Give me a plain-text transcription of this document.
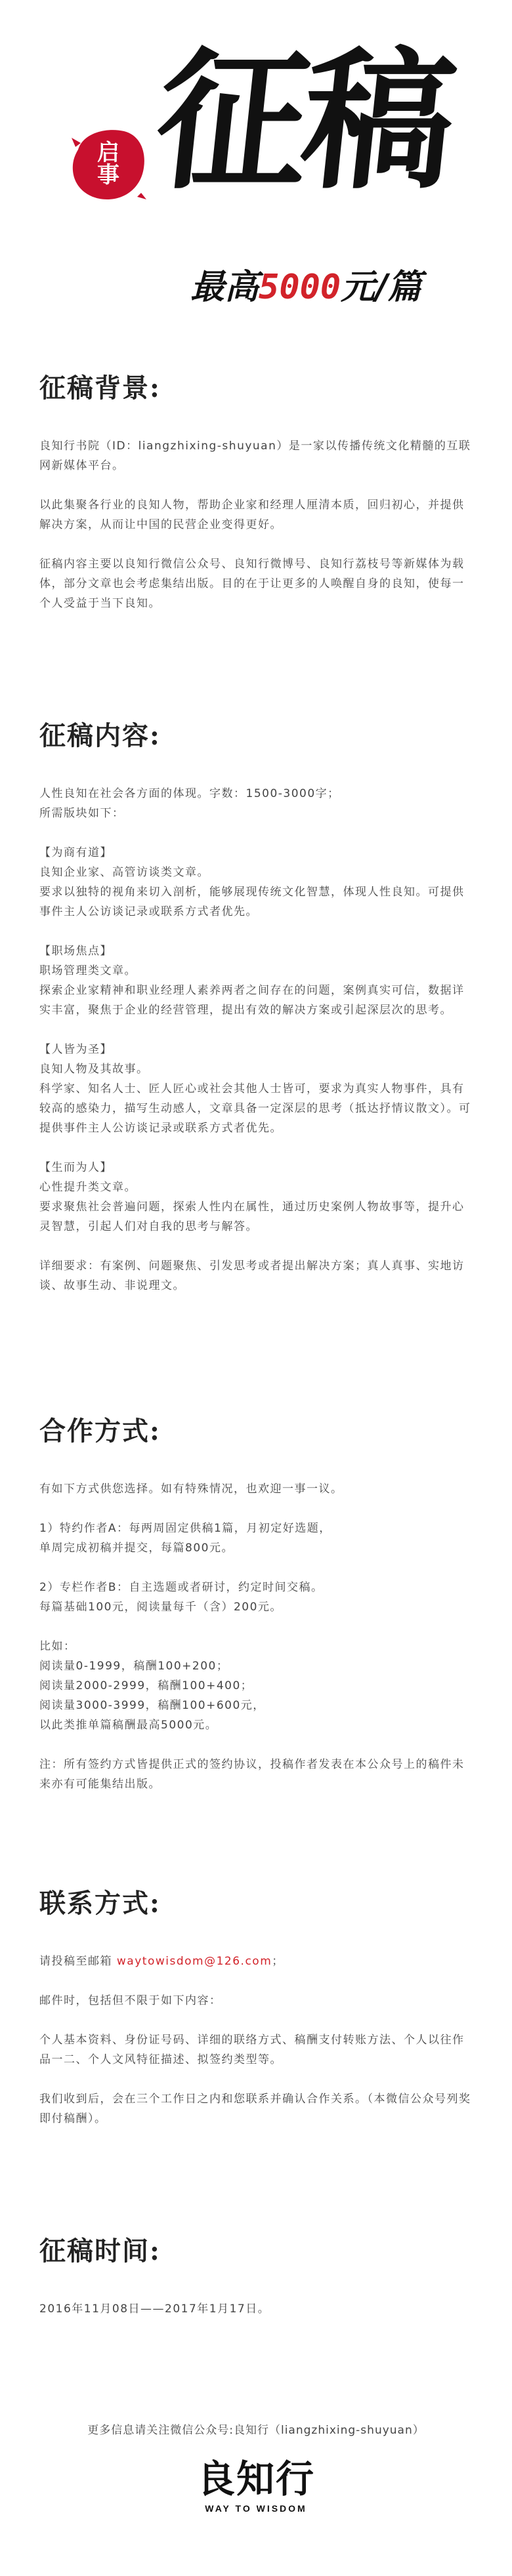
启
事 征稿
最高5000元/篇
征稿背景:

良知行书院（ID：liangzhixing-shuyuan）是一家以传播传统文化精髓的互联网新媒体平台。

以此集聚各行业的良知人物，帮助企业家和经理人厘清本质，回归初心，并提供解决方案，从而让中国的民营企业变得更好。

征稿内容主要以良知行微信公众号、良知行微博号、良知行荔枝号等新媒体为载体，部分文章也会考虑集结出版。目的在于让更多的人唤醒自身的良知，使每一个人受益于当下良知。

征稿内容:

人性良知在社会各方面的体现。字数：1500-3000字；

所需版块如下：

【为商有道】

良知企业家、高管访谈类文章。

要求以独特的视角来切入剖析，能够展现传统文化智慧，体现人性良知。可提供事件主人公访谈记录或联系方式者优先。

【职场焦点】

职场管理类文章。

探索企业家精神和职业经理人素养两者之间存在的问题，案例真实可信，数据详实丰富，聚焦于企业的经营管理，提出有效的解决方案或引起深层次的思考。

【人皆为圣】

良知人物及其故事。

科学家、知名人士、匠人匠心或社会其他人士皆可，要求为真实人物事件，具有较高的感染力，描写生动感人，文章具备一定深层的思考（抵达抒情议散文）。可提供事件主人公访谈记录或联系方式者优先。

【生而为人】

心性提升类文章。

要求聚焦社会普遍问题，探索人性内在属性，通过历史案例人物故事等，提升心灵智慧，引起人们对自我的思考与解答。

详细要求：有案例、问题聚焦、引发思考或者提出解决方案；真人真事、实地访谈、故事生动、非说理文。

合作方式:

有如下方式供您选择。如有特殊情况，也欢迎一事一议。

1）特约作者A：每两周固定供稿1篇，月初定好选题，

单周完成初稿并提交，每篇800元。

2）专栏作者B：自主选题或者研讨，约定时间交稿。

每篇基础100元，阅读量每千（含）200元。

比如：

阅读量0-1999，稿酬100+200；

阅读量2000-2999，稿酬100+400；

阅读量3000-3999，稿酬100+600元，

以此类推单篇稿酬最高5000元。

注：所有签约方式皆提供正式的签约协议，投稿作者发表在本公众号上的稿件未来亦有可能集结出版。

联系方式:

请投稿至邮箱 waytowisdom@126.com；

邮件时，包括但不限于如下内容：

个人基本资料、身份证号码、详细的联络方式、稿酬支付转账方法、个人以往作品一二、个人文风特征描述、拟签约类型等。

我们收到后，会在三个工作日之内和您联系并确认合作关系。（本微信公众号列奖即付稿酬）。

征稿时间:

2016年11月08日——2017年1月17日。

更多信息请关注微信公众号:良知行（liangzhixing-shuyuan）
良知行
WAY TO WISDOM
